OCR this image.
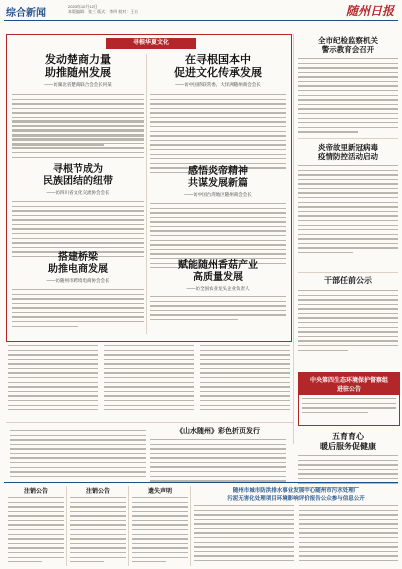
综合新闻
2023年10月12日
本版编辑：张三 版式：李四 校对：王五	随州日报
寻根华夏文化
发动楚商力量
助推随州发展
——访湖北省楚商联合会会长何某
在寻根国本中
促进文化传承发展
——访中国侨联常委、大洋洲随州商会会长
寻根节成为
民族团结的纽带
——访四川省文化交流协会会长
感悟炎帝精神
共谋发展新篇
——访中国台湾地区随州商会会长
搭建桥梁
助推电商发展
——访随州市跨境电商协会会长
赋能随州香菇产业
高质量发展
——访全国农业龙头企业负责人
全市纪检监察机关
警示教育会召开
炎帝故里新冠病毒
疫情防控活动启动
干部任前公示
中央第四生态环境保护督察组
进驻公告
五育育心
暖后服务促健康
《山水随州》彩色折页发行
注销公告	注销公告	遗失声明	随州市城市防洪排水事业发展中心随州市污水处理厂
污泥无害化处理项目环境影响评价报告公众参与信息公开
